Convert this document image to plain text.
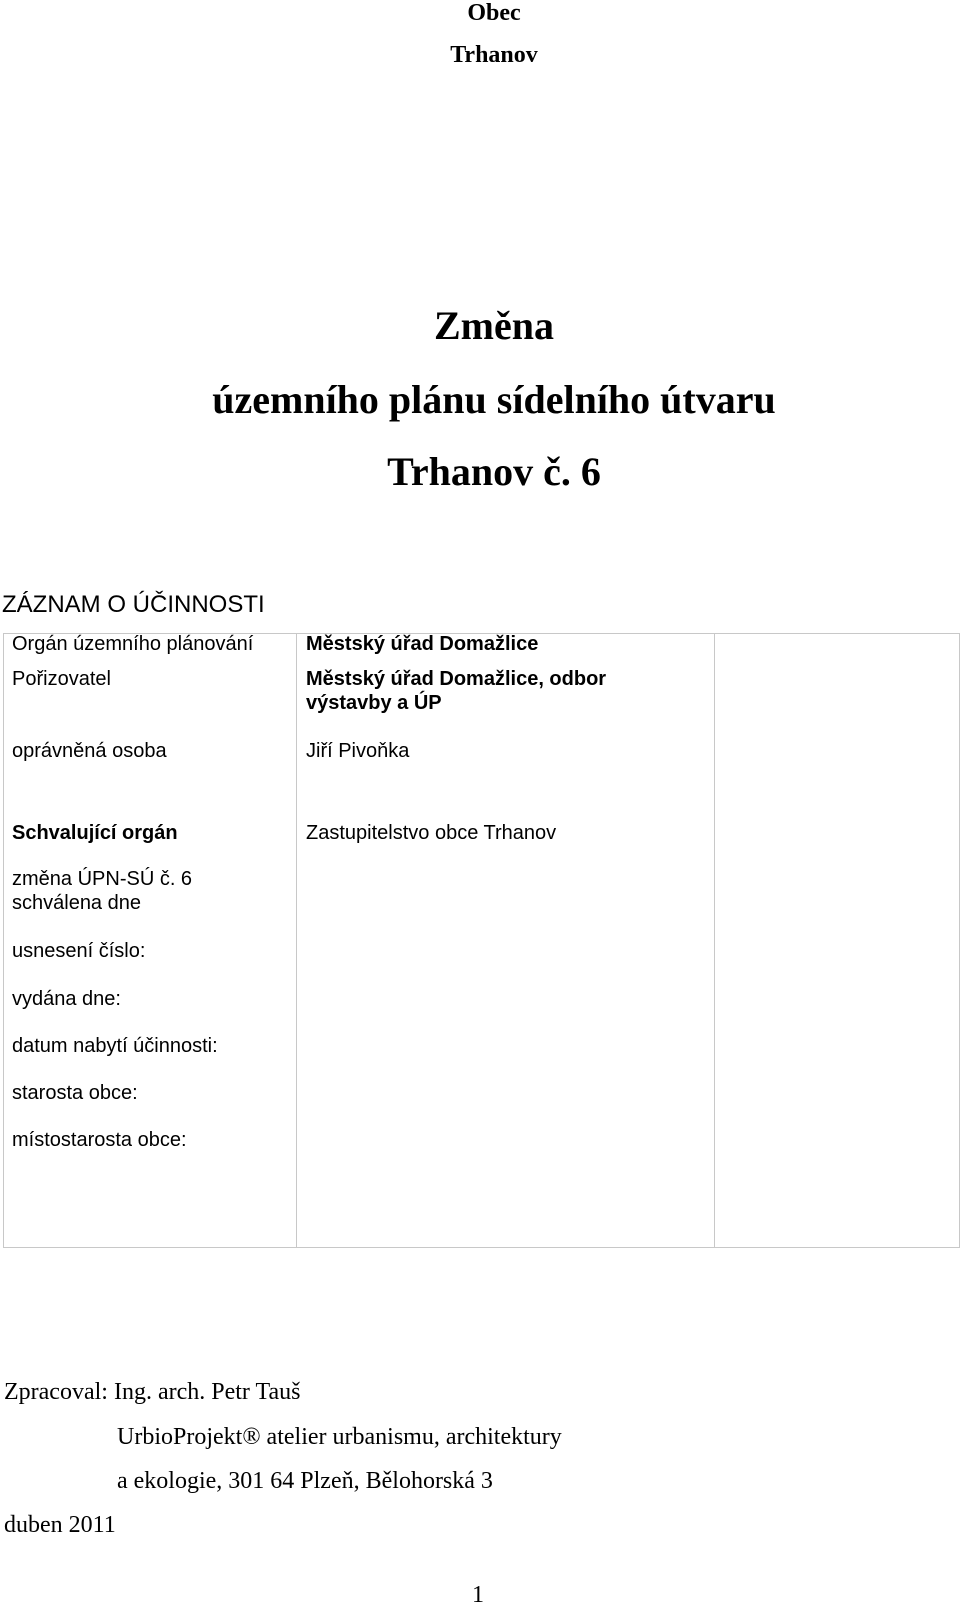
Obec
Trhanov
Změna
územního plánu sídelního útvaru
Trhanov č. 6
ZÁZNAM O ÚČINNOSTI
Orgán územního plánování	Městský úřad Domažlice
Pořizovatel	Městský úřad Domažlice, odbor
výstavby a ÚP
oprávněná osoba	Jiří Pivoňka
Schvalující orgán	Zastupitelstvo obce Trhanov
změna ÚPN-SÚ č. 6
schválena dne
usnesení číslo:
vydána dne:
datum nabytí účinnosti:
starosta obce:
místostarosta obce:
Zpracoval: Ing. arch. Petr Tauš
UrbioProjekt® atelier urbanismu, architektury
a ekologie, 301 64 Plzeň, Bělohorská 3
duben 2011
1
